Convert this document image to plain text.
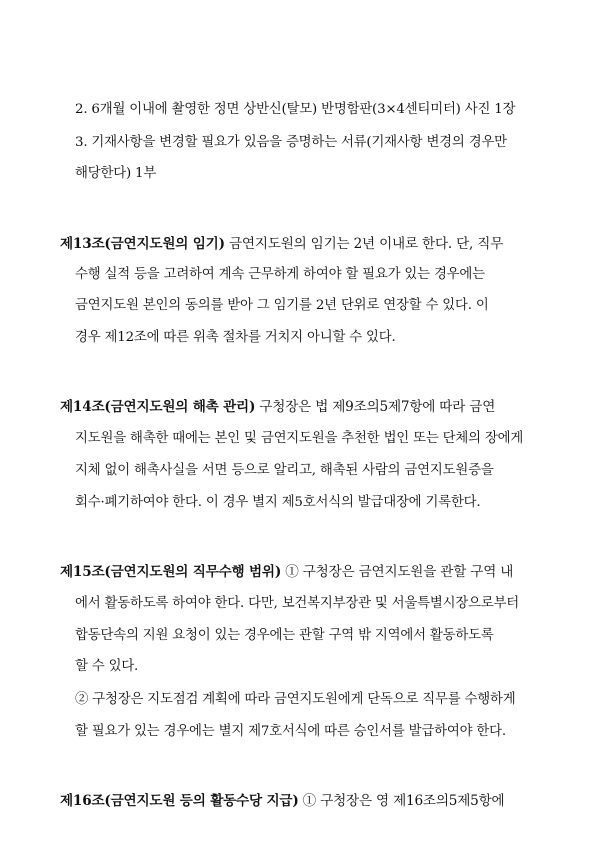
2. 6개월 이내에 촬영한 정면 상반신(탈모) 반명함판(3×4센티미터) 사진 1장
3. 기재사항을 변경할 필요가 있음을 증명하는 서류(기재사항 변경의 경우만
해당한다) 1부
제13조(금연지도원의 임기) 금연지도원의 임기는 2년 이내로 한다. 단, 직무
수행 실적 등을 고려하여 계속 근무하게 하여야 할 필요가 있는 경우에는
금연지도원 본인의 동의를 받아 그 임기를 2년 단위로 연장할 수 있다. 이
경우 제12조에 따른 위촉 절차를 거치지 아니할 수 있다.
제14조(금연지도원의 해촉 관리) 구청장은 법 제9조의5제7항에 따라 금연
지도원을 해촉한 때에는 본인 및 금연지도원을 추천한 법인 또는 단체의 장에게
지체 없이 해촉사실을 서면 등으로 알리고, 해촉된 사람의 금연지도원증을
회수·폐기하여야 한다. 이 경우 별지 제5호서식의 발급대장에 기록한다.
제15조(금연지도원의 직무수행 범위) ① 구청장은 금연지도원을 관할 구역 내
에서 활동하도록 하여야 한다. 다만, 보건복지부장관 및 서울특별시장으로부터
합동단속의 지원 요청이 있는 경우에는 관할 구역 밖 지역에서 활동하도록
할 수 있다.
② 구청장은 지도점검 계획에 따라 금연지도원에게 단독으로 직무를 수행하게
할 필요가 있는 경우에는 별지 제7호서식에 따른 승인서를 발급하여야 한다.
제16조(금연지도원 등의 활동수당 지급) ① 구청장은 영 제16조의5제5항에
